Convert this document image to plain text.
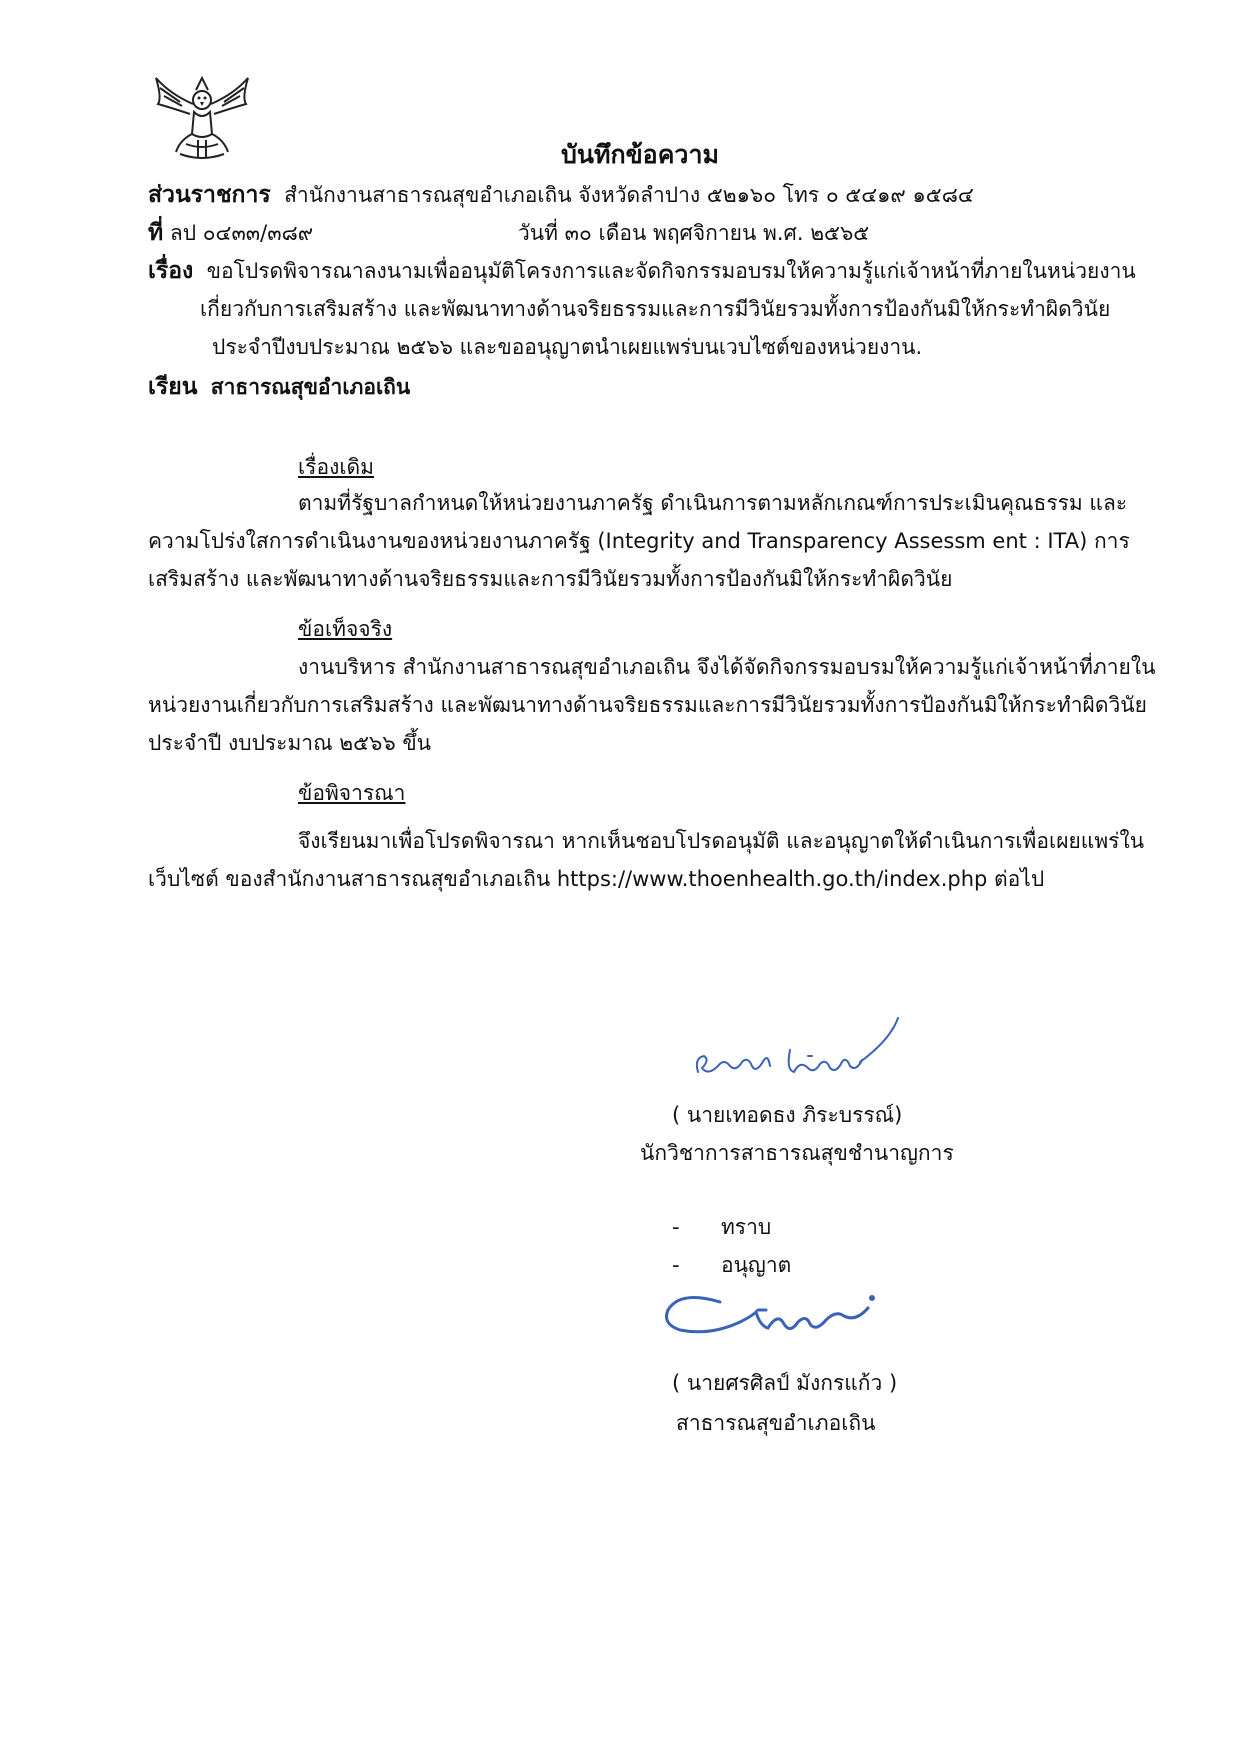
บันทึกข้อความ
ส่วนราชการ สำนักงานสาธารณสุขอำเภอเถิน จังหวัดลำปาง ๕๒๑๖๐ โทร ๐ ๕๔๑๙ ๑๕๘๔
ที่ ลป ๐๔๓๓/๓๘๙	วันที่ ๓๐ เดือน พฤศจิกายน พ.ศ. ๒๕๖๕
เรื่อง ขอโปรดพิจารณาลงนามเพื่ออนุมัติโครงการและจัดกิจกรรมอบรมให้ความรู้แก่เจ้าหน้าที่ภายในหน่วยงาน
เกี่ยวกับการเสริมสร้าง และพัฒนาทางด้านจริยธรรมและการมีวินัยรวมทั้งการป้องกันมิให้กระทำผิดวินัย
ประจำปีงบประมาณ ๒๕๖๖ และขออนุญาตนำเผยแพร่บนเวบไซต์ของหน่วยงาน.
เรียน สาธารณสุขอำเภอเถิน
เรื่องเดิม
ตามที่รัฐบาลกำหนดให้หน่วยงานภาครัฐ ดำเนินการตามหลักเกณฑ์การประเมินคุณธรรม และ
ความโปร่งใสการดำเนินงานของหน่วยงานภาครัฐ (Integrity and Transparency Assessm ent : ITA) การ
เสริมสร้าง และพัฒนาทางด้านจริยธรรมและการมีวินัยรวมทั้งการป้องกันมิให้กระทำผิดวินัย
ข้อเท็จจริง
งานบริหาร สำนักงานสาธารณสุขอำเภอเถิน จึงได้จัดกิจกรรมอบรมให้ความรู้แก่เจ้าหน้าที่ภายใน
หน่วยงานเกี่ยวกับการเสริมสร้าง และพัฒนาทางด้านจริยธรรมและการมีวินัยรวมทั้งการป้องกันมิให้กระทำผิดวินัย
ประจำปี งบประมาณ ๒๕๖๖ ขึ้น
ข้อพิจารณา
จึงเรียนมาเพื่อโปรดพิจารณา หากเห็นชอบโปรดอนุมัติ และอนุญาตให้ดำเนินการเพื่อเผยแพร่ใน
เว็บไซต์ ของสำนักงานสาธารณสุขอำเภอเถิน https://www.thoenhealth.go.th/index.php ต่อไป
( นายเทอดธง ภิระบรรณ์)
นักวิชาการสาธารณสุขชำนาญการ
- ทราบ
- อนุญาต
( นายศรศิลป์ มังกรแก้ว )
สาธารณสุขอำเภอเถิน
